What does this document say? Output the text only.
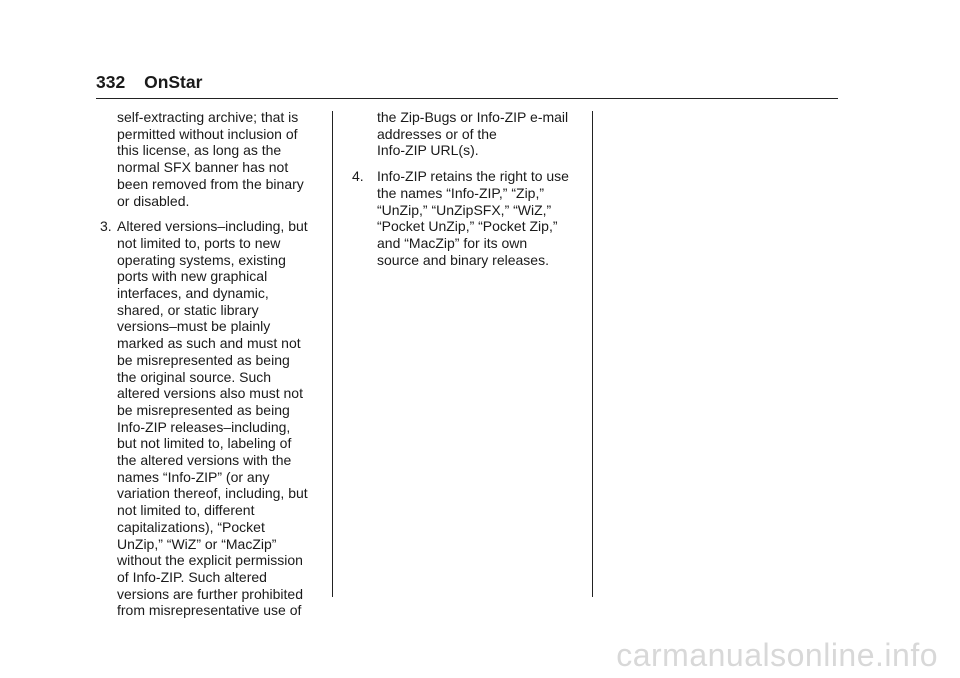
332 OnStar
self-extracting archive; that is
permitted without inclusion of
this license, as long as the
normal SFX banner has not
been removed from the binary
or disabled.
3. Altered versions–including, but
not limited to, ports to new
operating systems, existing
ports with new graphical
interfaces, and dynamic,
shared, or static library
versions–must be plainly
marked as such and must not
be misrepresented as being
the original source. Such
altered versions also must not
be misrepresented as being
Info-ZIP releases–including,
but not limited to, labeling of
the altered versions with the
names “Info-ZIP” (or any
variation thereof, including, but
not limited to, different
capitalizations), “Pocket
UnZip,” “WiZ” or “MacZip”
without the explicit permission
of Info-ZIP. Such altered
versions are further prohibited
from misrepresentative use of
the Zip-Bugs or Info-ZIP e-mail
addresses or of the
Info-ZIP URL(s).
4. Info-ZIP retains the right to use
the names “Info-ZIP,” “Zip,”
“UnZip,” “UnZipSFX,” “WiZ,”
“Pocket UnZip,” “Pocket Zip,”
and “MacZip” for its own
source and binary releases.
carmanualsonline.info
